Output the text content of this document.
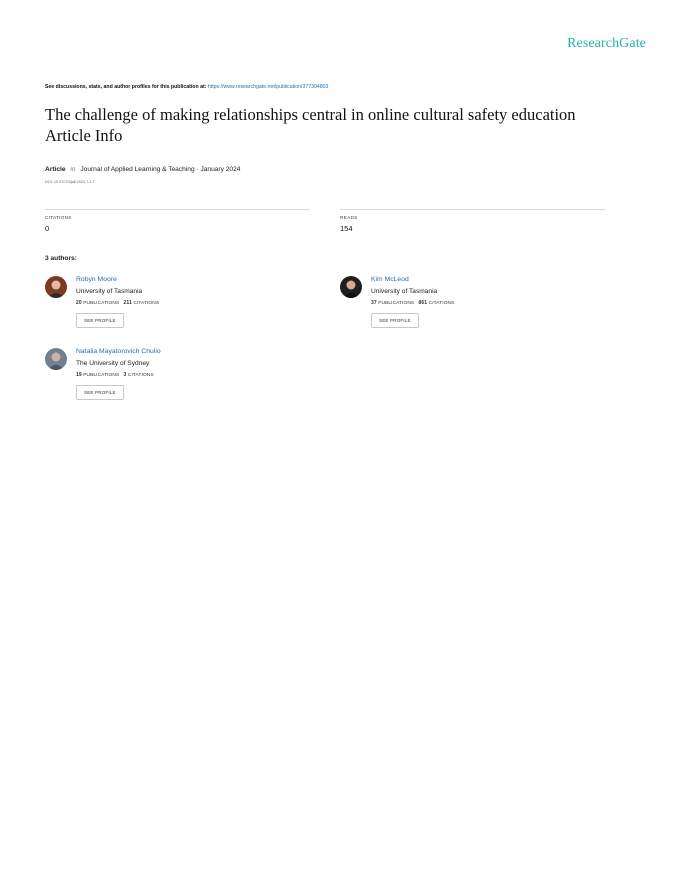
ResearchGate
See discussions, stats, and author profiles for this publication at: https://www.researchgate.net/publication/377304803
The challenge of making relationships central in online cultural safety education Article Info
Article in Journal of Applied Learning & Teaching · January 2024
DOI: 10.37074/jalt.2024.7.1.7
CITATIONS
0
READS
154
3 authors:
Robyn Moore
University of Tasmania
20 PUBLICATIONS 211 CITATIONS
SEE PROFILE
Kim McLeod
University of Tasmania
37 PUBLICATIONS 861 CITATIONS
SEE PROFILE
Natalia Mayatorovich Chulio
The University of Sydney
19 PUBLICATIONS 3 CITATIONS
SEE PROFILE
